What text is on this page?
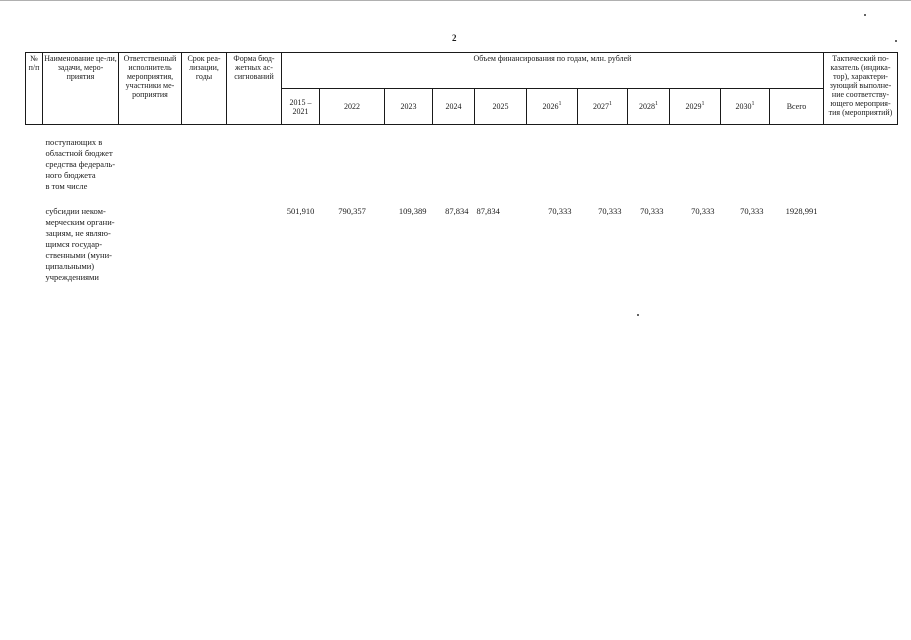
2
№ п/п	Наименование це-ли, задачи, меро-приятия	Ответственный исполнитель мероприятия, участники ме-роприятия	Срок реа-лизации, годы	Форма бюд-жетных ас-сигнований	Объем финансирования по годам, млн. рублей											Тактический по-казатель (индика-тор), характери-зующий выполне-ние соответству-ющего мероприя-тия (мероприятий)
					2015 – 2021	2022	2023	2024	2025	2026$^1$	2027$^1$	2028$^1$	2029$^1$	2030$^1$	Всего	

	поступающих в областной бюджет средства федераль-ного бюджета															
	в том числе															
	субсидии неком-мерческим органи-зациям, не являю-щимся государ-ственными (муни-ципальными) учреждениями				501,910	790,357	109,389	87,834	87,834	70,333	70,333	70,333	70,333	70,333	1928,991	
